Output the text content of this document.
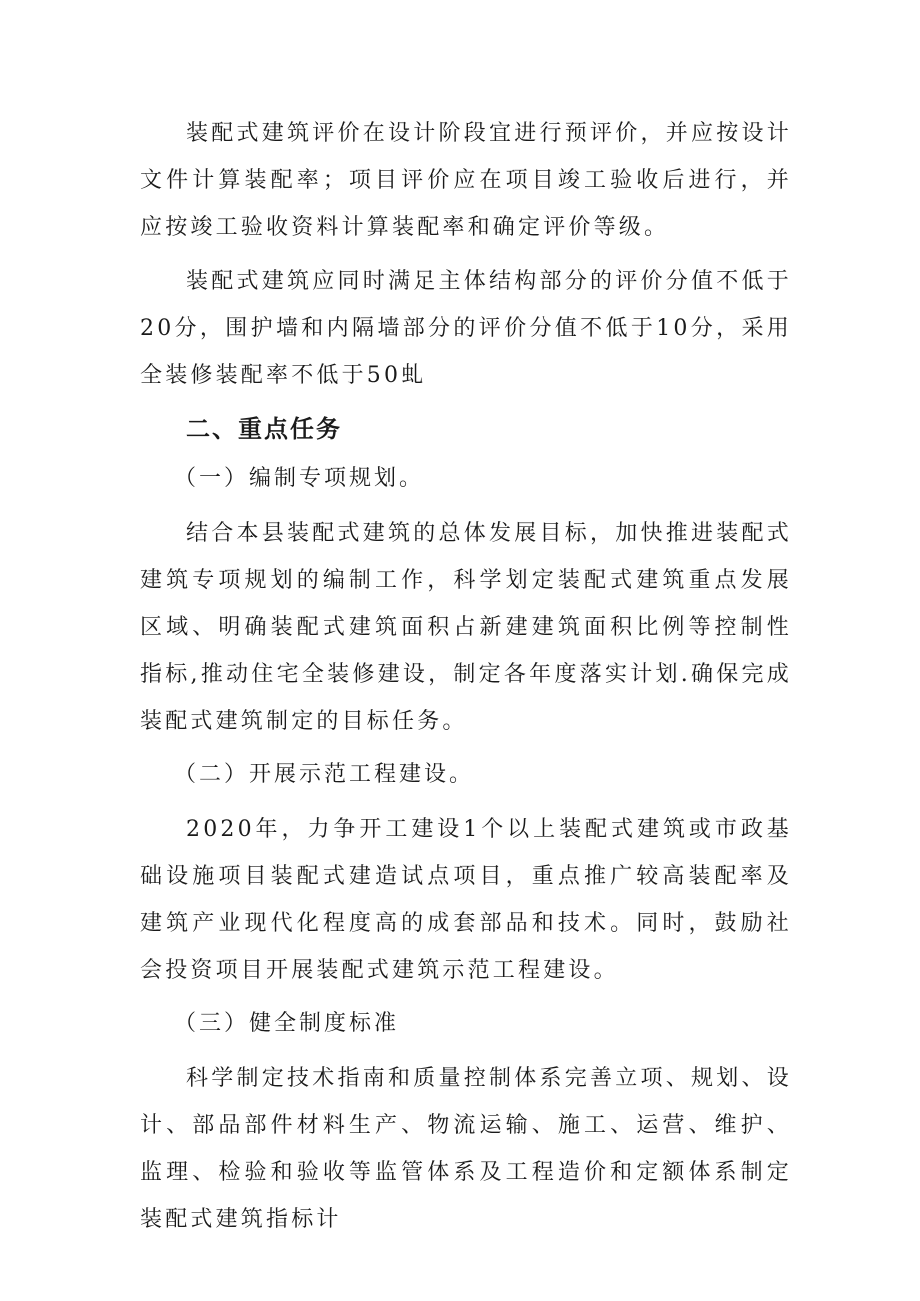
装配式建筑评价在设计阶段宜进行预评价，并应按设计文件计算装配率；项目评价应在项目竣工验收后进行，并应按竣工验收资料计算装配率和确定评价等级。

装配式建筑应同时满足主体结构部分的评价分值不低于20分，围护墙和内隔墙部分的评价分值不低于10分，采用全装修装配率不低于50虬

二、重点任务

（一）编制专项规划。

结合本县装配式建筑的总体发展目标，加快推进装配式建筑专项规划的编制工作，科学划定装配式建筑重点发展区域、明确装配式建筑面积占新建建筑面积比例等控制性指标,推动住宅全装修建设，制定各年度落实计划.确保完成装配式建筑制定的目标任务。

（二）开展示范工程建设。

2020年，力争开工建设1个以上装配式建筑或市政基础设施项目装配式建造试点项目，重点推广较高装配率及建筑产业现代化程度高的成套部品和技术。同时，鼓励社会投资项目开展装配式建筑示范工程建设。

（三）健全制度标准

科学制定技术指南和质量控制体系完善立项、规划、设计、部品部件材料生产、物流运输、施工、运营、维护、监理、检验和验收等监管体系及工程造价和定额体系制定装配式建筑指标计
